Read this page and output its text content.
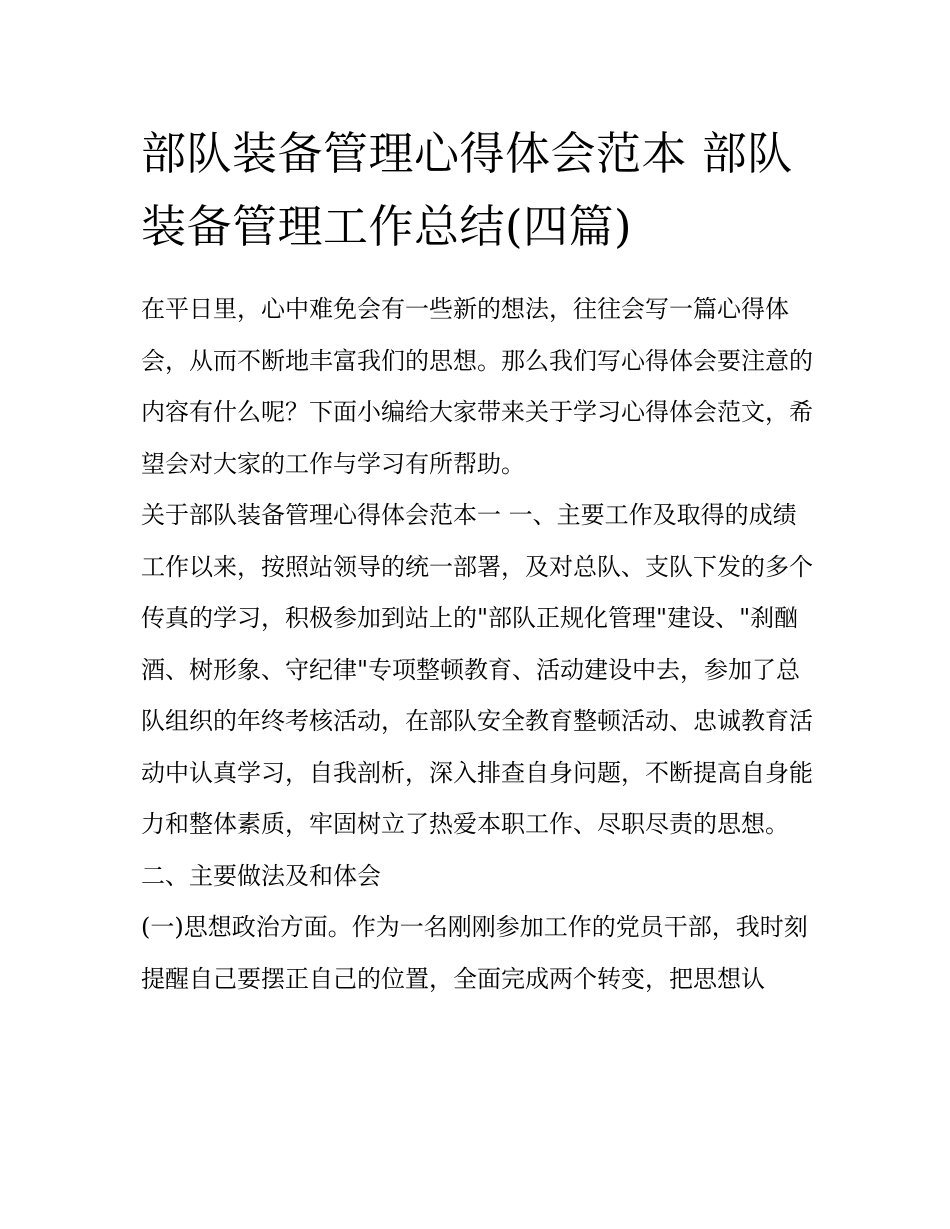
部队装备管理心得体会范本 部队装备管理工作总结(四篇)

在平日里，心中难免会有一些新的想法，往往会写一篇心得体会，从而不断地丰富我们的思想。那么我们写心得体会要注意的内容有什么呢？下面小编给大家带来关于学习心得体会范文，希望会对大家的工作与学习有所帮助。

关于部队装备管理心得体会范本一 一、主要工作及取得的成绩

工作以来，按照站领导的统一部署，及对总队、支队下发的多个传真的学习，积极参加到站上的"部队正规化管理"建设、"刹酗酒、树形象、守纪律"专项整顿教育、活动建设中去，参加了总队组织的年终考核活动，在部队安全教育整顿活动、忠诚教育活动中认真学习，自我剖析，深入排查自身问题，不断提高自身能力和整体素质，牢固树立了热爱本职工作、尽职尽责的思想。

二、主要做法及和体会

(一)思想政治方面。作为一名刚刚参加工作的党员干部，我时刻提醒自己要摆正自己的位置，全面完成两个转变，把思想认
